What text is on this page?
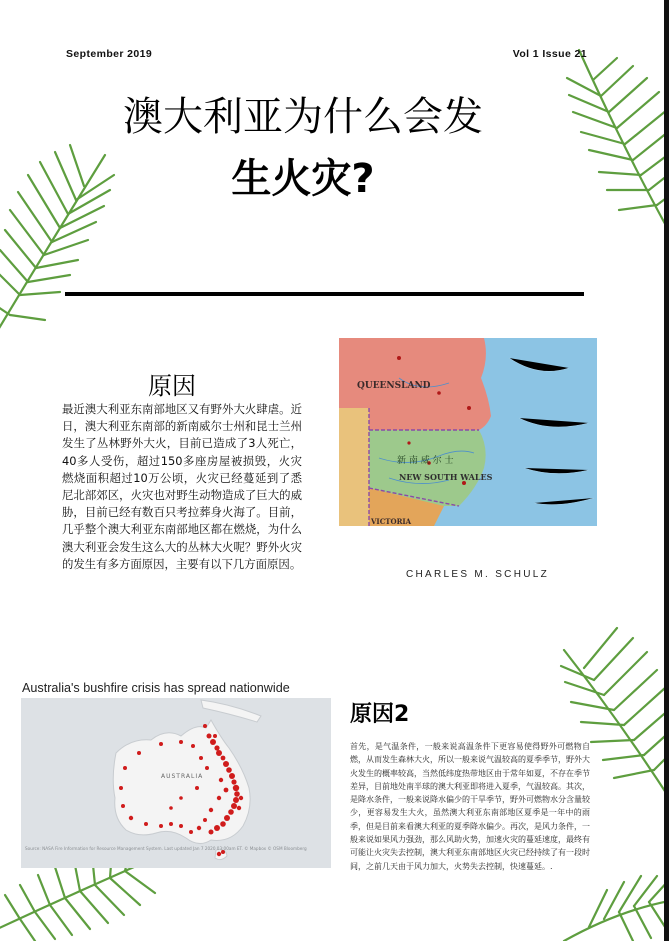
September 2019	Vol 1 Issue 21
澳大利亚为什么会发
生火灾?
原因
最近澳大利亚东南部地区又有野外大火肆虐。近日，澳大利亚东南部的新南威尔士州和昆士兰州发生了丛林野外大火，目前已造成了3人死亡，40多人受伤，超过150多座房屋被损毁，火灾燃烧面积超过10万公顷，火灾已经蔓延到了悉尼北部郊区，火灾也对野生动物造成了巨大的威胁，目前已经有数百只考拉葬身火海了。目前，几乎整个澳大利亚东南部地区都在燃烧，为什么澳大利亚会发生这么大的丛林大火呢？野外火灾的发生有多方面原因，主要有以下几方面原因。
QUEENSLAND
新 南 威 尔 士
NEW SOUTH WALES
VICTORIA
CHARLES M. SCHULZ
Australia's bushfire crisis has spread nationwide
AUSTRALIA
Source: NASA Fire Information for Resource Management System. Last updated Jan 7 2020 03:00am ET. © Mapbox © OSM Bloomberg
原因2
首先，是气温条件，一般来说高温条件下更容易使得野外可燃物自燃，从而发生森林大火，所以一般来说气温较高的夏季季节，野外大火发生的概率较高，当然低纬度热带地区由于常年如夏，不存在季节差异，目前地处南半球的澳大利亚即将进入夏季，气温较高。其次，是降水条件，一般来说降水偏少的干旱季节，野外可燃物水分含量较少，更容易发生大火，虽然澳大利亚东南部地区夏季是一年中的雨季，但是目前来看澳大利亚的夏季降水偏少。再次，是风力条件，一般来说如果风力强劲，那么风助火势，加速火灾的蔓延速度，最终有可能让火灾失去控制，澳大利亚东南部地区火灾已经持续了有一段时间，之前几天由于风力加大，火势失去控制，快速蔓延。.
